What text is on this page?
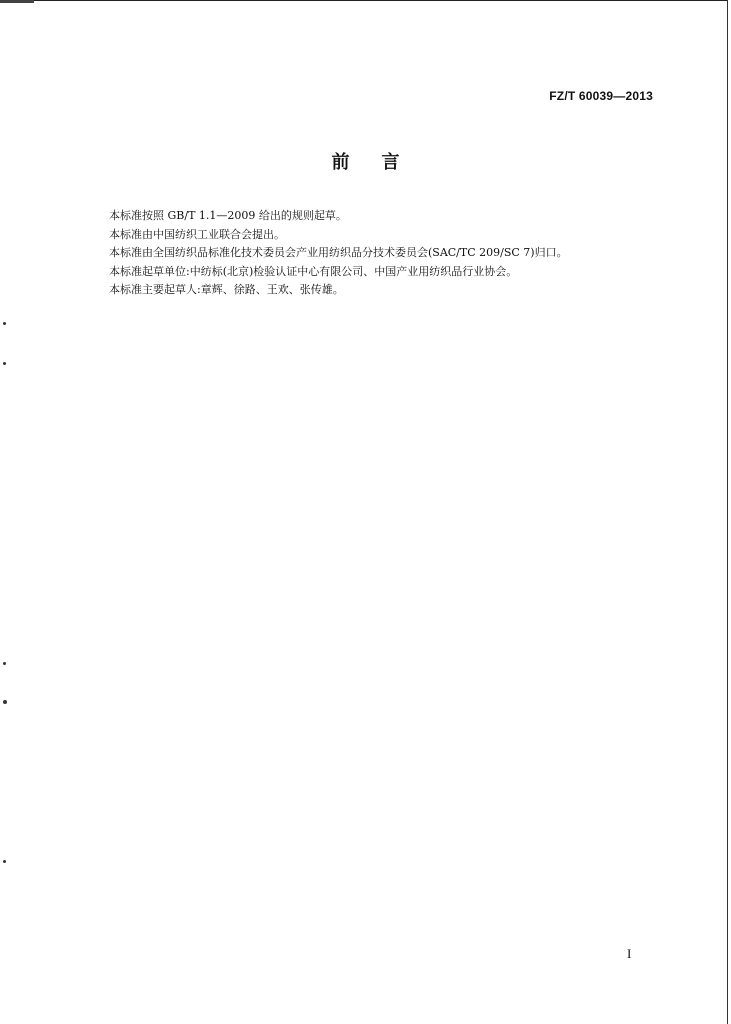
FZ/T 60039—2013
前言

本标准按照 GB/T 1.1—2009 给出的规则起草。

本标准由中国纺织工业联合会提出。

本标准由全国纺织品标准化技术委员会产业用纺织品分技术委员会(SAC/TC 209/SC 7)归口。

本标准起草单位:中纺标(北京)检验认证中心有限公司、中国产业用纺织品行业协会。

本标准主要起草人:章辉、徐路、王欢、张传雄。

I
